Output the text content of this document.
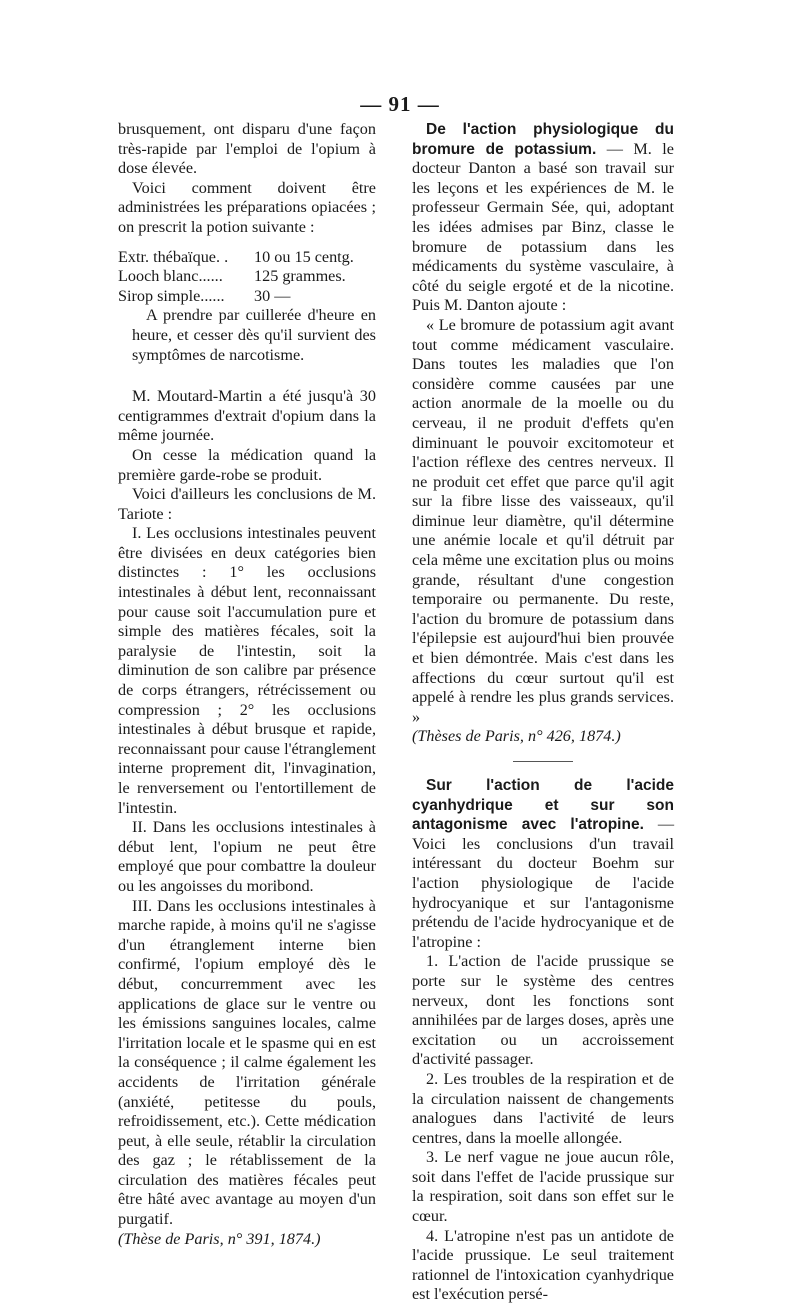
— 91 —

brusquement, ont disparu d'une façon très-rapide par l'emploi de l'opium à dose élevée.

Voici comment doivent être administrées les préparations opiacées ; on prescrit la potion suivante :

Extr. thébaïque. .	10 ou 15 centg.
Looch blanc......	125 grammes.
Sirop simple......	30 —

A prendre par cuillerée d'heure en heure, et cesser dès qu'il survient des symptômes de narcotisme.

M. Moutard-Martin a été jusqu'à 30 centigrammes d'extrait d'opium dans la même journée.

On cesse la médication quand la première garde-robe se produit.

Voici d'ailleurs les conclusions de M. Tariote :

I. Les occlusions intestinales peuvent être divisées en deux catégories bien distinctes : 1° les occlusions intestinales à début lent, reconnaissant pour cause soit l'accumulation pure et simple des matières fécales, soit la paralysie de l'intestin, soit la diminution de son calibre par présence de corps étrangers, rétrécissement ou compression ; 2° les occlusions intestinales à début brusque et rapide, reconnaissant pour cause l'étranglement interne proprement dit, l'invagination, le renversement ou l'entortillement de l'intestin.

II. Dans les occlusions intestinales à début lent, l'opium ne peut être employé que pour combattre la douleur ou les angoisses du moribond.

III. Dans les occlusions intestinales à marche rapide, à moins qu'il ne s'agisse d'un étranglement interne bien confirmé, l'opium employé dès le début, concurremment avec les applications de glace sur le ventre ou les émissions sanguines locales, calme l'irritation locale et le spasme qui en est la conséquence ; il calme également les accidents de l'irritation générale (anxiété, petitesse du pouls, refroidissement, etc.). Cette médication peut, à elle seule, rétablir la circulation des gaz ; le rétablissement de la circulation des matières fécales peut être hâté avec avantage au moyen d'un purgatif.

(Thèse de Paris, n° 391, 1874.)

De l'action physiologique du bromure de potassium. — M. le docteur Danton a basé son travail sur les leçons et les expériences de M. le professeur Germain Sée, qui, adoptant les idées admises par Binz, classe le bromure de potassium dans les médicaments du système vasculaire, à côté du seigle ergoté et de la nicotine. Puis M. Danton ajoute :

« Le bromure de potassium agit avant tout comme médicament vasculaire. Dans toutes les maladies que l'on considère comme causées par une action anormale de la moelle ou du cerveau, il ne produit d'effets qu'en diminuant le pouvoir excitomoteur et l'action réflexe des centres nerveux. Il ne produit cet effet que parce qu'il agit sur la fibre lisse des vaisseaux, qu'il diminue leur diamètre, qu'il détermine une anémie locale et qu'il détruit par cela même une excitation plus ou moins grande, résultant d'une congestion temporaire ou permanente. Du reste, l'action du bromure de potassium dans l'épilepsie est aujourd'hui bien prouvée et bien démontrée. Mais c'est dans les affections du cœur surtout qu'il est appelé à rendre les plus grands services. »

(Thèses de Paris, n° 426, 1874.)

Sur l'action de l'acide cyanhydrique et sur son antagonisme avec l'atropine. — Voici les conclusions d'un travail intéressant du docteur Boehm sur l'action physiologique de l'acide hydrocyanique et sur l'antagonisme prétendu de l'acide hydrocyanique et de l'atropine :

1. L'action de l'acide prussique se porte sur le système des centres nerveux, dont les fonctions sont annihilées par de larges doses, après une excitation ou un accroissement d'activité passager.

2. Les troubles de la respiration et de la circulation naissent de changements analogues dans l'activité de leurs centres, dans la moelle allongée.

3. Le nerf vague ne joue aucun rôle, soit dans l'effet de l'acide prussique sur la respiration, soit dans son effet sur le cœur.

4. L'atropine n'est pas un antidote de l'acide prussique. Le seul traitement rationnel de l'intoxication cyanhydrique est l'exécution persé-
